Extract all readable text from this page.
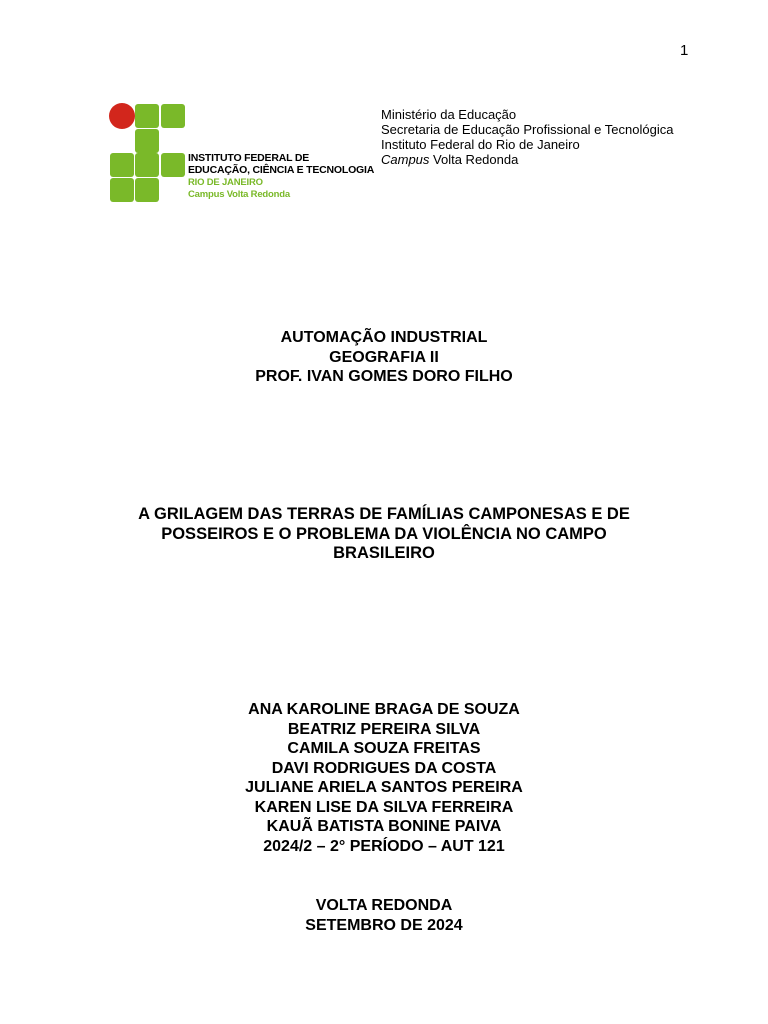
1
INSTITUTO FEDERAL DE
EDUCAÇÃO, CIÊNCIA E TECNOLOGIA
RIO DE JANEIRO
Campus Volta Redonda
Ministério da Educação
Secretaria de Educação Profissional e Tecnológica
Instituto Federal do Rio de Janeiro
Campus Volta Redonda
AUTOMAÇÃO INDUSTRIAL
GEOGRAFIA II
PROF. IVAN GOMES DORO FILHO
A GRILAGEM DAS TERRAS DE FAMÍLIAS CAMPONESAS E DE
POSSEIROS E O PROBLEMA DA VIOLÊNCIA NO CAMPO
BRASILEIRO
ANA KAROLINE BRAGA DE SOUZA
BEATRIZ PEREIRA SILVA
CAMILA SOUZA FREITAS
DAVI RODRIGUES DA COSTA
JULIANE ARIELA SANTOS PEREIRA
KAREN LISE DA SILVA FERREIRA
KAUÃ BATISTA BONINE PAIVA
2024/2 – 2° PERÍODO – AUT 121
VOLTA REDONDA
SETEMBRO DE 2024
